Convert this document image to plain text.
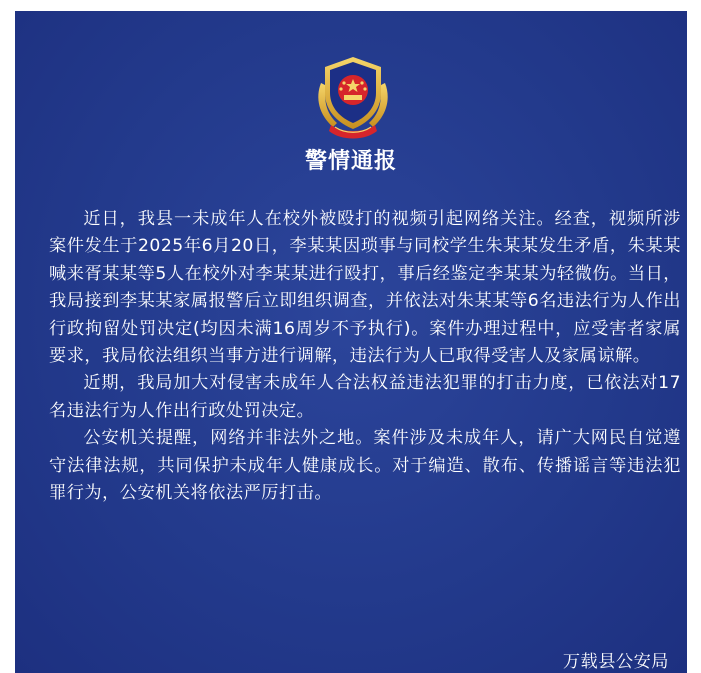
警情通报

近日，我县一未成年人在校外被殴打的视频引起网络关注。经查，视频所涉案件发生于2025年6月20日，李某某因琐事与同校学生朱某某发生矛盾，朱某某喊来胥某某等5人在校外对李某某进行殴打，事后经鉴定李某某为轻微伤。当日，我局接到李某某家属报警后立即组织调查，并依法对朱某某等6名违法行为人作出行政拘留处罚决定(均因未满16周岁不予执行)。案件办理过程中，应受害者家属要求，我局依法组织当事方进行调解，违法行为人已取得受害人及家属谅解。

近期，我局加大对侵害未成年人合法权益违法犯罪的打击力度，已依法对17名违法行为人作出行政处罚决定。

公安机关提醒，网络并非法外之地。案件涉及未成年人，请广大网民自觉遵守法律法规，共同保护未成年人健康成长。对于编造、散布、传播谣言等违法犯罪行为，公安机关将依法严厉打击。

万载县公安局
